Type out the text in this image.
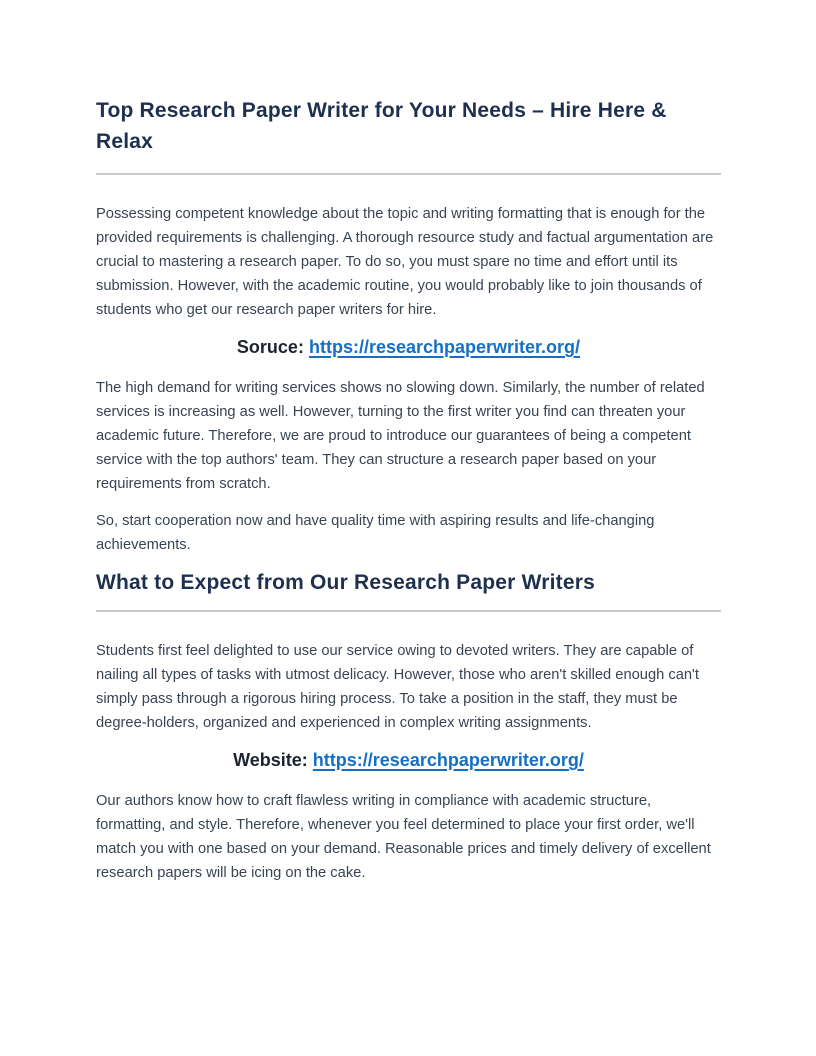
Top Research Paper Writer for Your Needs – Hire Here & Relax

Possessing competent knowledge about the topic and writing formatting that is enough for the provided requirements is challenging. A thorough resource study and factual argumentation are crucial to mastering a research paper. To do so, you must spare no time and effort until its submission. However, with the academic routine, you would probably like to join thousands of students who get our research paper writers for hire.

Soruce: https://researchpaperwriter.org/

The high demand for writing services shows no slowing down. Similarly, the number of related services is increasing as well. However, turning to the first writer you find can threaten your academic future. Therefore, we are proud to introduce our guarantees of being a competent service with the top authors' team. They can structure a research paper based on your requirements from scratch.

So, start cooperation now and have quality time with aspiring results and life-changing achievements.

What to Expect from Our Research Paper Writers

Students first feel delighted to use our service owing to devoted writers. They are capable of nailing all types of tasks with utmost delicacy. However, those who aren't skilled enough can't simply pass through a rigorous hiring process. To take a position in the staff, they must be degree-holders, organized and experienced in complex writing assignments.

Website: https://researchpaperwriter.org/

Our authors know how to craft flawless writing in compliance with academic structure, formatting, and style. Therefore, whenever you feel determined to place your first order, we'll match you with one based on your demand. Reasonable prices and timely delivery of excellent research papers will be icing on the cake.
